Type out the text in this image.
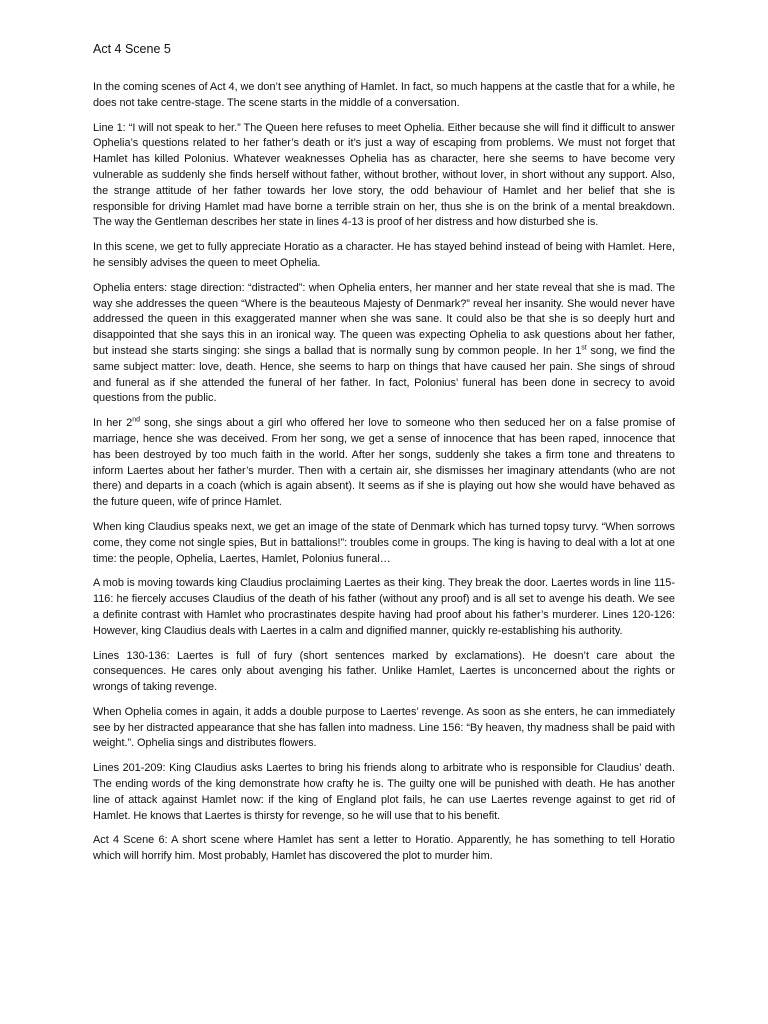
Act 4 Scene 5

In the coming scenes of Act 4, we don’t see anything of Hamlet. In fact, so much happens at the castle that for a while, he does not take centre-stage. The scene starts in the middle of a conversation.

Line 1: “I will not speak to her.” The Queen here refuses to meet Ophelia. Either because she will find it difficult to answer Ophelia’s questions related to her father’s death or it’s just a way of escaping from problems. We must not forget that Hamlet has killed Polonius. Whatever weaknesses Ophelia has as character, here she seems to have become very vulnerable as suddenly she finds herself without father, without brother, without lover, in short without any support. Also, the strange attitude of her father towards her love story, the odd behaviour of Hamlet and her belief that she is responsible for driving Hamlet mad have borne a terrible strain on her, thus she is on the brink of a mental breakdown. The way the Gentleman describes her state in lines 4-13 is proof of her distress and how disturbed she is.

In this scene, we get to fully appreciate Horatio as a character. He has stayed behind instead of being with Hamlet. Here, he sensibly advises the queen to meet Ophelia.

Ophelia enters: stage direction: “distracted”: when Ophelia enters, her manner and her state reveal that she is mad. The way she addresses the queen “Where is the beauteous Majesty of Denmark?” reveal her insanity. She would never have addressed the queen in this exaggerated manner when she was sane. It could also be that she is so deeply hurt and disappointed that she says this in an ironical way. The queen was expecting Ophelia to ask questions about her father, but instead she starts singing: she sings a ballad that is normally sung by common people. In her 1st song, we find the same subject matter: love, death. Hence, she seems to harp on things that have caused her pain. She sings of shroud and funeral as if she attended the funeral of her father. In fact, Polonius’ funeral has been done in secrecy to avoid questions from the public.

In her 2nd song, she sings about a girl who offered her love to someone who then seduced her on a false promise of marriage, hence she was deceived. From her song, we get a sense of innocence that has been raped, innocence that has been destroyed by too much faith in the world. After her songs, suddenly she takes a firm tone and threatens to inform Laertes about her father’s murder. Then with a certain air, she dismisses her imaginary attendants (who are not there) and departs in a coach (which is again absent). It seems as if she is playing out how she would have behaved as the future queen, wife of prince Hamlet.

When king Claudius speaks next, we get an image of the state of Denmark which has turned topsy turvy. “When sorrows come, they come not single spies, But in battalions!”: troubles come in groups. The king is having to deal with a lot at one time: the people, Ophelia, Laertes, Hamlet, Polonius funeral…

A mob is moving towards king Claudius proclaiming Laertes as their king. They break the door. Laertes words in line 115-116: he fiercely accuses Claudius of the death of his father (without any proof) and is all set to avenge his death. We see a definite contrast with Hamlet who procrastinates despite having had proof about his father’s murderer. Lines 120-126: However, king Claudius deals with Laertes in a calm and dignified manner, quickly re-establishing his authority.

Lines 130-136: Laertes is full of fury (short sentences marked by exclamations). He doesn’t care about the consequences. He cares only about avenging his father. Unlike Hamlet, Laertes is unconcerned about the rights or wrongs of taking revenge.

When Ophelia comes in again, it adds a double purpose to Laertes’ revenge. As soon as she enters, he can immediately see by her distracted appearance that she has fallen into madness. Line 156: “By heaven, thy madness shall be paid with weight.”. Ophelia sings and distributes flowers.

Lines 201-209: King Claudius asks Laertes to bring his friends along to arbitrate who is responsible for Claudius’ death. The ending words of the king demonstrate how crafty he is. The guilty one will be punished with death. He has another line of attack against Hamlet now: if the king of England plot fails, he can use Laertes revenge against to get rid of Hamlet. He knows that Laertes is thirsty for revenge, so he will use that to his benefit.

Act 4 Scene 6: A short scene where Hamlet has sent a letter to Horatio. Apparently, he has something to tell Horatio which will horrify him. Most probably, Hamlet has discovered the plot to murder him.
